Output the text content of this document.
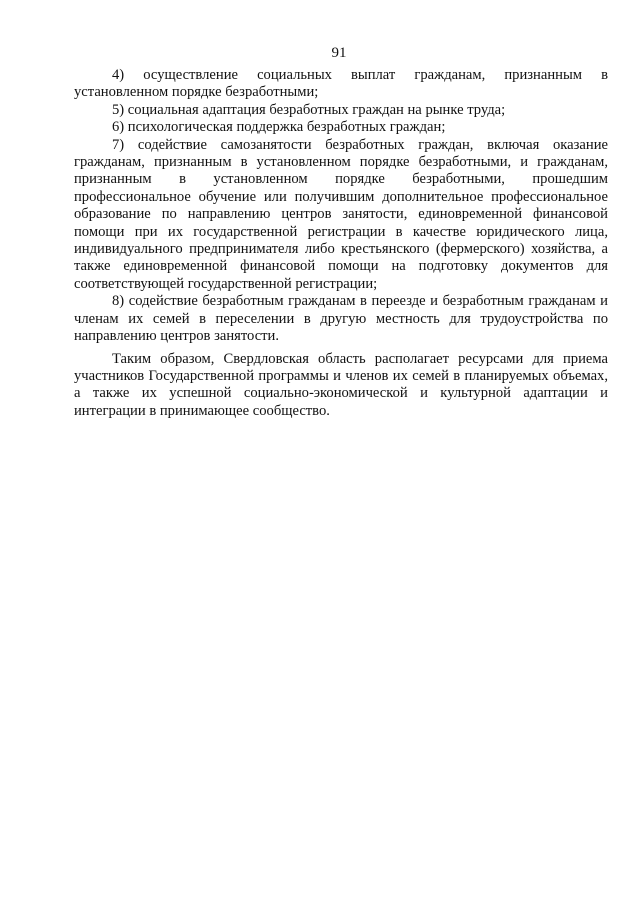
91

4) осуществление социальных выплат гражданам, признанным в установленном порядке безработными;

5) социальная адаптация безработных граждан на рынке труда;

6) психологическая поддержка безработных граждан;

7) содействие самозанятости безработных граждан, включая оказание гражданам, признанным в установленном порядке безработными, и гражданам, признанным в установленном порядке безработными, прошедшим профессиональное обучение или получившим дополнительное профессиональное образование по направлению центров занятости, единовременной финансовой помощи при их государственной регистрации в качестве юридического лица, индивидуального предпринимателя либо крестьянского (фермерского) хозяйства, а также единовременной финансовой помощи на подготовку документов для соответствующей государственной регистрации;

8) содействие безработным гражданам в переезде и безработным гражданам и членам их семей в переселении в другую местность для трудоустройства по направлению центров занятости.

Таким образом, Свердловская область располагает ресурсами для приема участников Государственной программы и членов их семей в планируемых объемах, а также их успешной социально-экономической и культурной адаптации и интеграции в принимающее сообщество.
